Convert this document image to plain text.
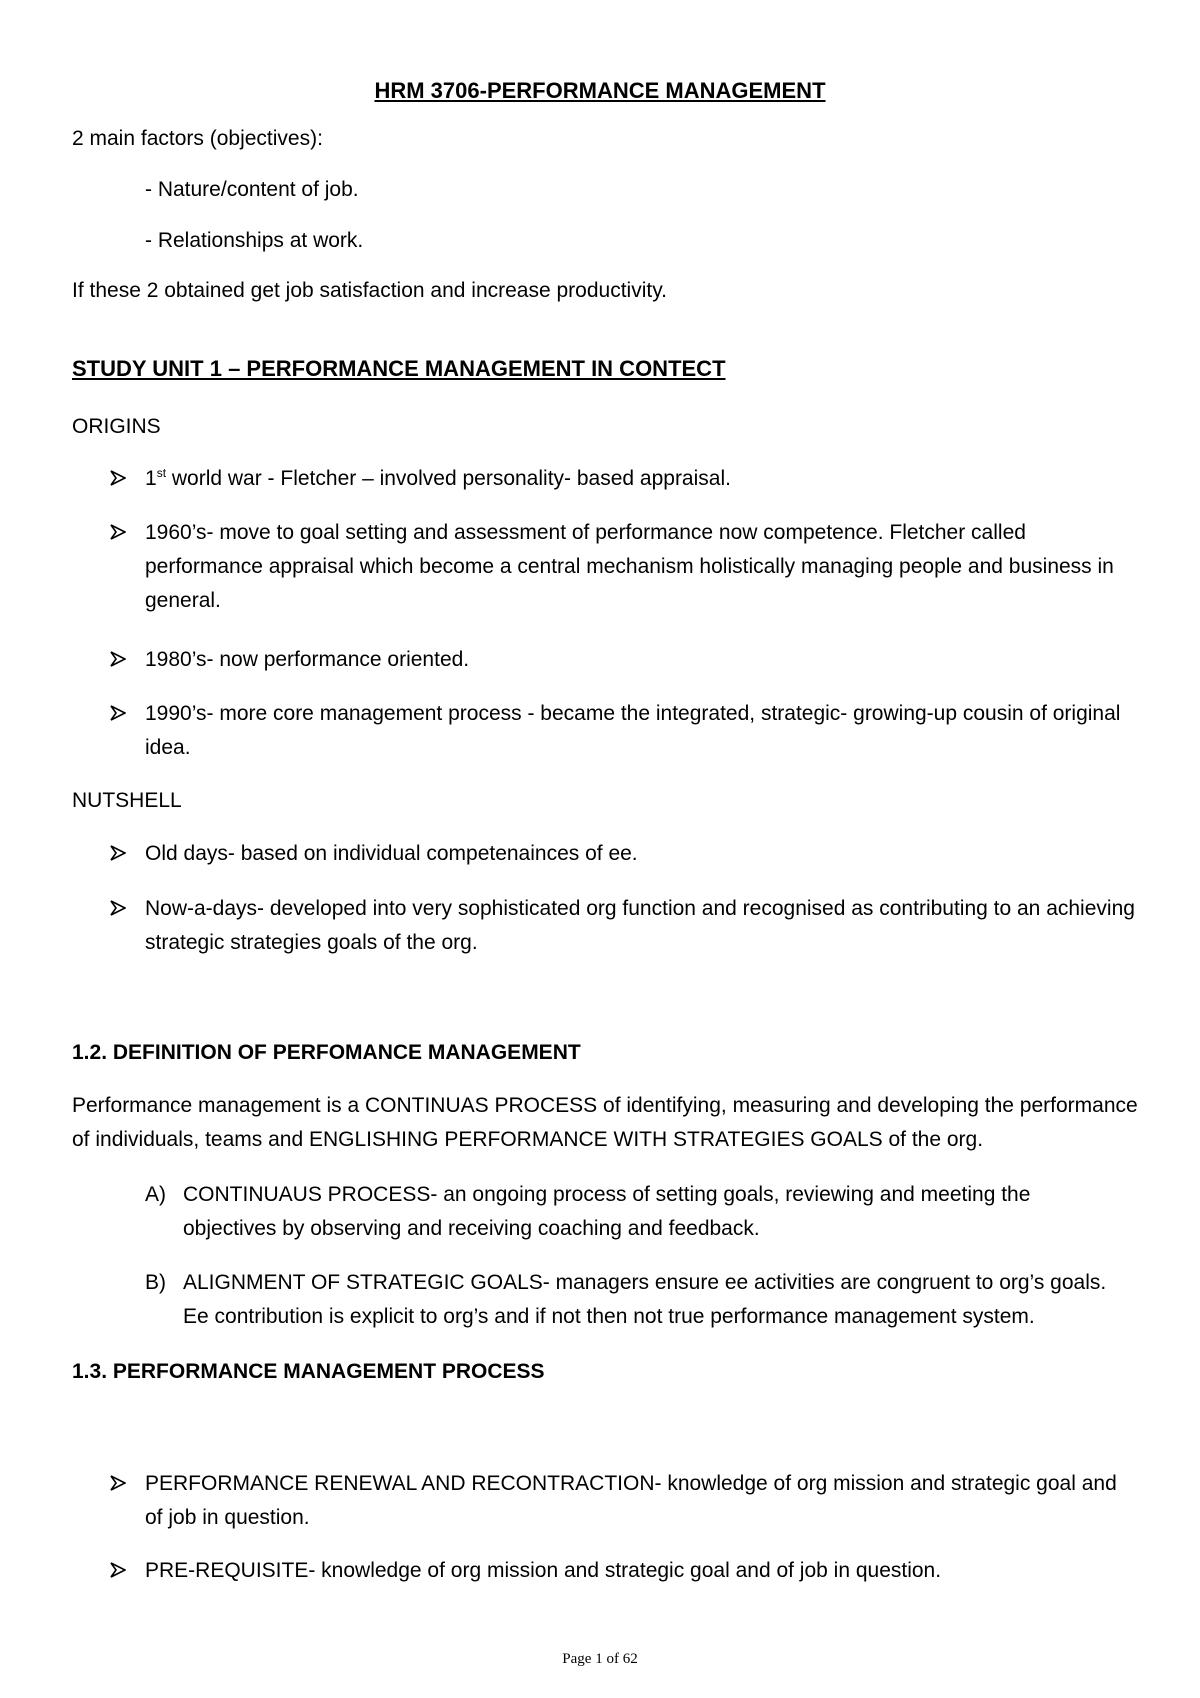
HRM 3706-PERFORMANCE MANAGEMENT

2 main factors (objectives):

- Nature/content of job.

- Relationships at work.

If these 2 obtained get job satisfaction and increase productivity.

STUDY UNIT 1 – PERFORMANCE MANAGEMENT IN CONTECT

ORIGINS

1st world war - Fletcher – involved personality- based appraisal.

1960’s- move to goal setting and assessment of performance now competence. Fletcher called performance appraisal which become a central mechanism holistically managing people and business in general.

1980’s- now performance oriented.

1990’s- more core management process - became the integrated, strategic- growing-up cousin of original idea.

NUTSHELL

Old days- based on individual competenainces of ee.

Now-a-days- developed into very sophisticated org function and recognised as contributing to an achieving strategic strategies goals of the org.

1.2. DEFINITION OF PERFOMANCE MANAGEMENT

Performance management is a CONTINUAS PROCESS of identifying, measuring and developing the performance of individuals, teams and ENGLISHING PERFORMANCE WITH STRATEGIES GOALS of the org.

A) CONTINUAUS PROCESS- an ongoing process of setting goals, reviewing and meeting the objectives by observing and receiving coaching and feedback.

B) ALIGNMENT OF STRATEGIC GOALS- managers ensure ee activities are congruent to org’s goals. Ee contribution is explicit to org’s and if not then not true performance management system.

1.3. PERFORMANCE MANAGEMENT PROCESS

PERFORMANCE RENEWAL AND RECONTRACTION- knowledge of org mission and strategic goal and of job in question.

PRE-REQUISITE- knowledge of org mission and strategic goal and of job in question.

Page 1 of 62
